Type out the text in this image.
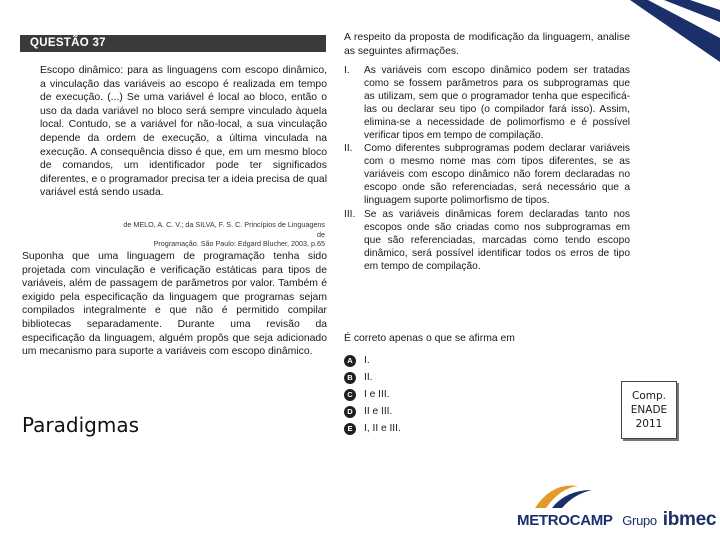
QUESTÃO 37
Escopo dinâmico: para as linguagens com escopo dinâmico, a vinculação das variáveis ao escopo é realizada em tempo de execução. (...) Se uma variável é local ao bloco, então o uso da dada variável no bloco será sempre vinculado àquela local. Contudo, se a variável for não-local, a sua vinculação depende da ordem de execução, a última vinculada na execução. A consequência disso é que, em um mesmo bloco de comandos, um identificador pode ter significados diferentes, e o programador precisa ter a ideia precisa de qual variável está sendo usada.
de MELO, A. C. V.; da SILVA, F. S. C. Princípios de Linguagens de
Programação. São Paulo: Edgard Blucher, 2003, p.65
Suponha que uma linguagem de programação tenha sido projetada com vinculação e verificação estáticas para tipos de variáveis, além de passagem de parâmetros por valor. Também é exigido pela especificação da linguagem que programas sejam compilados integralmente e que não é permitido compilar bibliotecas separadamente. Durante uma revisão da especificação da linguagem, alguém propôs que seja adicionado um mecanismo para suporte a variáveis com escopo dinâmico.
A respeito da proposta de modificação da linguagem, analise as seguintes afirmações.
I.	As variáveis com escopo dinâmico podem ser tratadas como se fossem parâmetros para os subprogramas que as utilizam, sem que o programador tenha que especificá-las ou declarar seu tipo (o compilador fará isso). Assim, elimina-se a necessidade de polimorfismo e é possível verificar tipos em tempo de compilação.
II.	Como diferentes subprogramas podem declarar variáveis com o mesmo nome mas com tipos diferentes, se as variáveis com escopo dinâmico não forem declaradas no escopo onde são referenciadas, será necessário que a linguagem suporte polimorfismo de tipos.
III. Se as variáveis dinâmicas forem declaradas tanto nos escopos onde são criadas como nos subprogramas em que são referenciadas, marcadas como tendo escopo dinâmico, será possível identificar todos os erros de tipo em tempo de compilação.
É correto apenas o que se afirma em
A	I.
B	II.
C	I e III.
D	II e III.
E	I, II e III.
Paradigmas
Comp.
ENADE
2011
METROCAMP Grupo ibmec
